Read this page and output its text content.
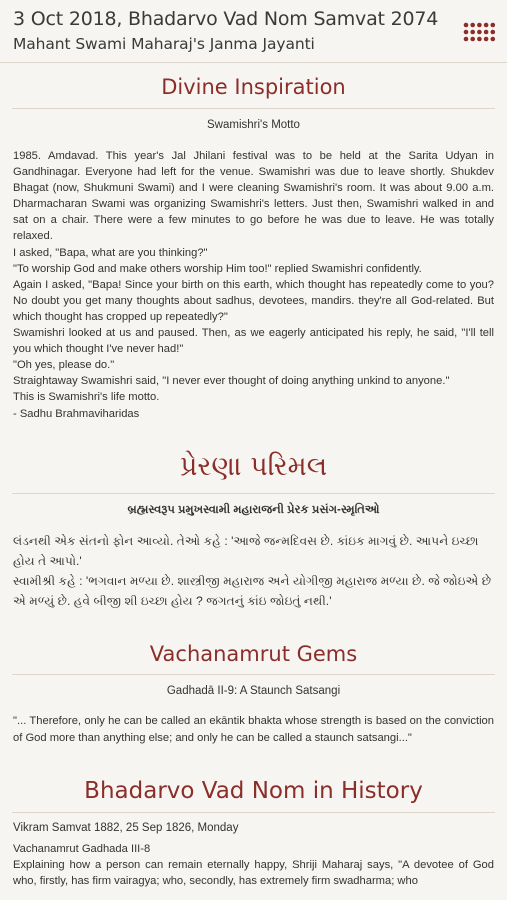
3 Oct 2018, Bhadarvo Vad Nom Samvat 2074
Mahant Swami Maharaj's Janma Jayanti
Divine Inspiration
Swamishri's Motto

1985. Amdavad. This year's Jal Jhilani festival was to be held at the Sarita Udyan in Gandhinagar. Everyone had left for the venue. Swamishri was due to leave shortly. Shukdev Bhagat (now, Shukmuni Swami) and I were cleaning Swamishri's room. It was about 9.00 a.m. Dharmacharan Swami was organizing Swamishri's letters. Just then, Swamishri walked in and sat on a chair. There were a few minutes to go before he was due to leave. He was totally relaxed.

I asked, "Bapa, what are you thinking?"

"To worship God and make others worship Him too!" replied Swamishri confidently.

Again I asked, "Bapa! Since your birth on this earth, which thought has repeatedly come to you? No doubt you get many thoughts about sadhus, devotees, mandirs. they're all God-related. But which thought has cropped up repeatedly?"

Swamishri looked at us and paused. Then, as we eagerly anticipated his reply, he said, "I'll tell you which thought I've never had!"

"Oh yes, please do."

Straightaway Swamishri said, "I never ever thought of doing anything unkind to anyone."

This is Swamishri's life motto.

- Sadhu Brahmaviharidas

પ્રેરણા પરિમલ
બ્રહ્મસ્વરૂપ પ્રમુખસ્વામી મહારાજની પ્રેરક પ્રસંગ-સ્મૃતિઓ

લંડનથી એક સંતનો ફોન આવ્યો. તેઓ કહે : 'આજે જન્મદિવસ છે. કાંઇક માગવું છે. આપને ઇચ્છા હોય તે આપો.'

સ્વામીશ્રી કહે : 'ભગવાન મળ્યા છે. શાસ્ત્રીજી મહારાજ અને યોગીજી મહારાજ મળ્યા છે. જે જોઇએ છે એ મળ્યું છે. હવે બીજી શી ઇચ્છા હોય ? જગતનું કાંઇ જોઇતું નથી.'

Vachanamrut Gems
Gadhadā II-9: A Staunch Satsangi
"... Therefore, only he can be called an ekāntik bhakta whose strength is based on the conviction of God more than anything else; and only he can be called a staunch satsangi..."
Bhadarvo Vad Nom in History
Vikram Samvat 1882, 25 Sep 1826, Monday
Vachanamrut Gadhada III-8
Explaining how a person can remain eternally happy, Shriji Maharaj says, "A devotee of God who, firstly, has firm vairagya; who, secondly, has extremely firm swadharma; who
